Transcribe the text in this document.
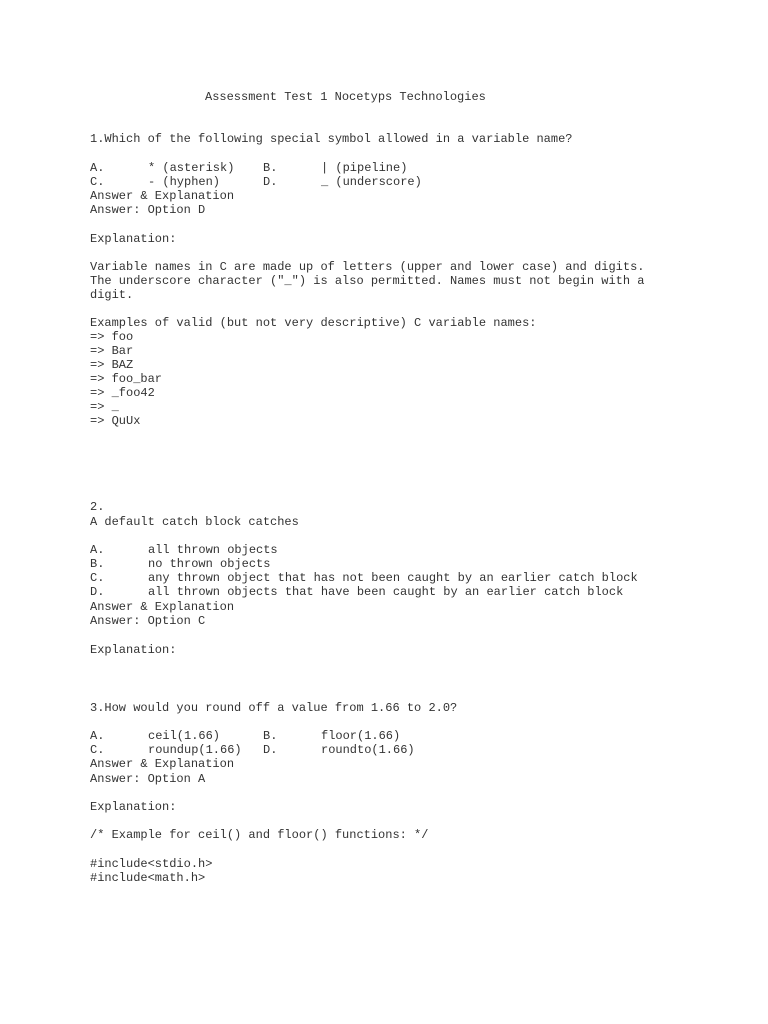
Assessment Test 1 Nocetyps Technologies
1.Which of the following special symbol allowed in a variable name?
A.	* (asterisk) B.	| (pipeline)
C.	- (hyphen)	D.	_ (underscore)
Answer & Explanation
Answer: Option D
Explanation:
Variable names in C are made up of letters (upper and lower case) and digits.
The underscore character ("_") is also permitted. Names must not begin with a
digit.
Examples of valid (but not very descriptive) C variable names:
=> foo
=> Bar
=> BAZ
=> foo_bar
=> _foo42
=> _
=> QuUx
2.
A default catch block catches
A.	all thrown objects
B.	no thrown objects
C.	any thrown object that has not been caught by an earlier catch block
D.	all thrown objects that have been caught by an earlier catch block
Answer & Explanation
Answer: Option C
Explanation:
3.How would you round off a value from 1.66 to 2.0?
A.	ceil(1.66)	B.	floor(1.66)
C.	roundup(1.66) D.	roundto(1.66)
Answer & Explanation
Answer: Option A
Explanation:
/* Example for ceil() and floor() functions: */
#include<stdio.h>
#include<math.h>
